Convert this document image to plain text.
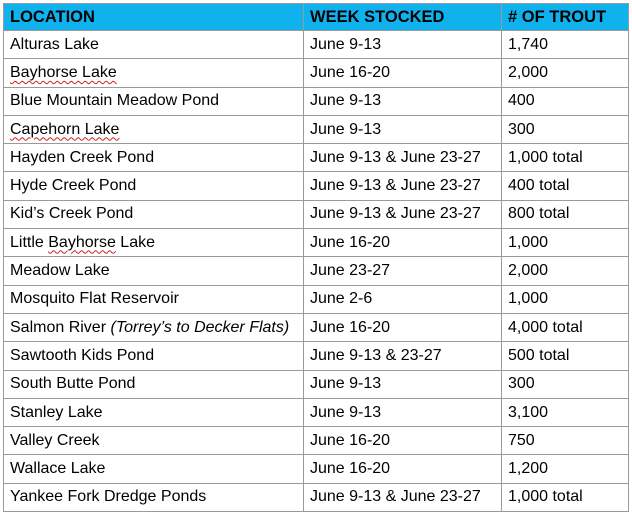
LOCATION	WEEK STOCKED	# OF TROUT
Alturas Lake	June 9-13	1,740
Bayhorse Lake	June 16-20	2,000
Blue Mountain Meadow Pond	June 9-13	400
Capehorn Lake	June 9-13	300
Hayden Creek Pond	June 9-13 & June 23-27	1,000 total
Hyde Creek Pond	June 9-13 & June 23-27	400 total
Kid’s Creek Pond	June 9-13 & June 23-27	800 total
Little Bayhorse Lake	June 16-20	1,000
Meadow Lake	June 23-27	2,000
Mosquito Flat Reservoir	June 2-6	1,000
Salmon River (Torrey’s to Decker Flats)	June 16-20	4,000 total
Sawtooth Kids Pond	June 9-13 & 23-27	500 total
South Butte Pond	June 9-13	300
Stanley Lake	June 9-13	3,100
Valley Creek	June 16-20	750
Wallace Lake	June 16-20	1,200
Yankee Fork Dredge Ponds	June 9-13 & June 23-27	1,000 total
